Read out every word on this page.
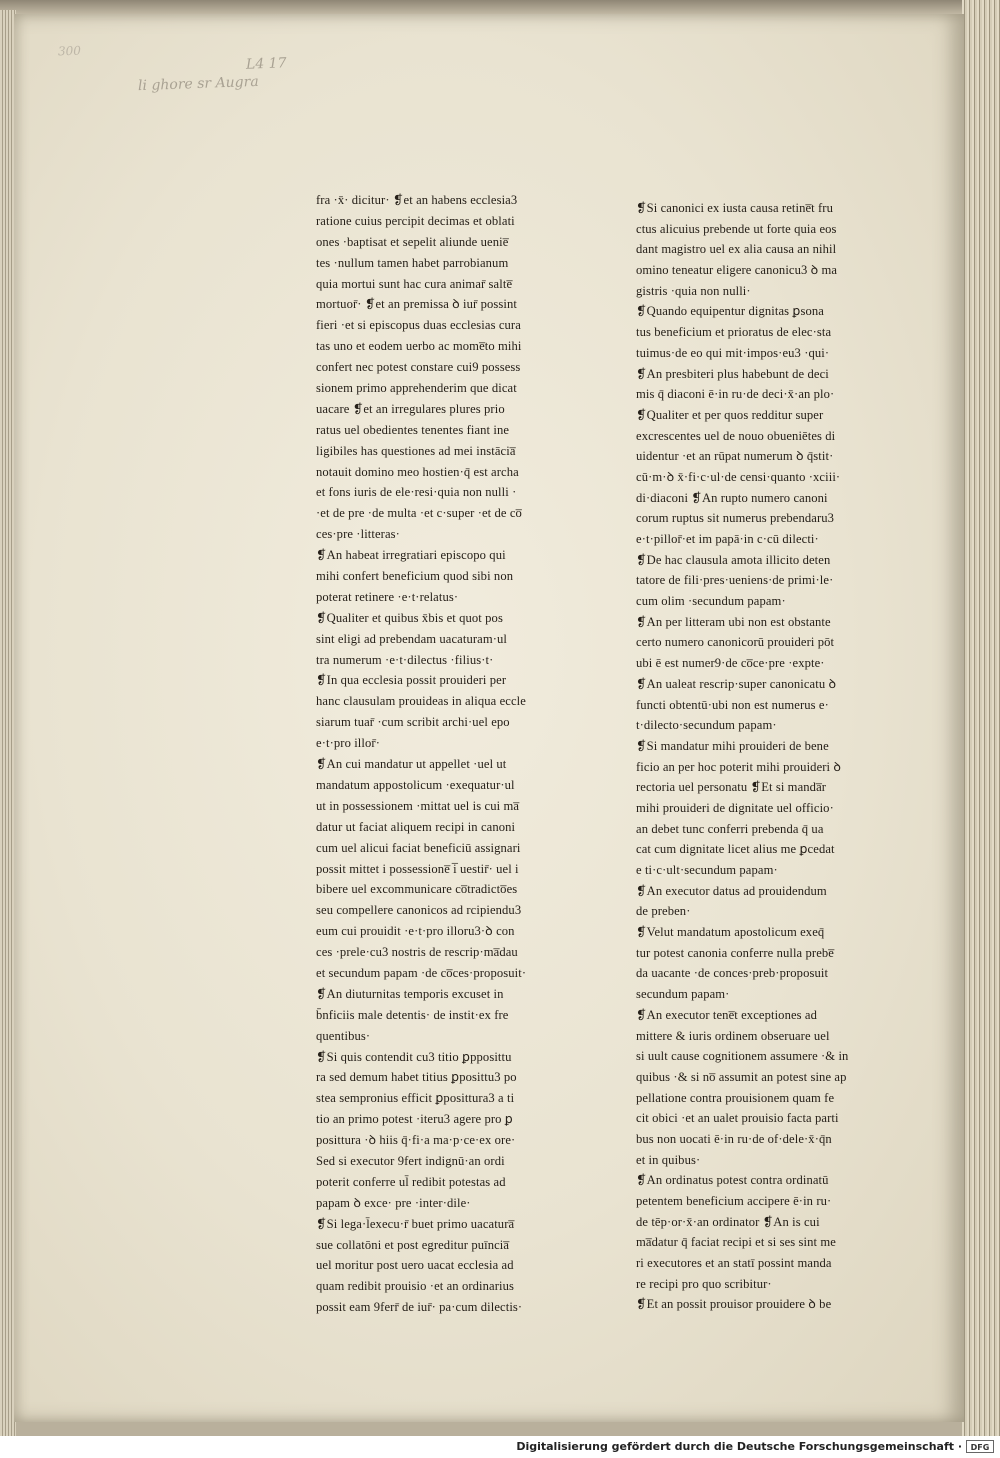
300
L4 17
li ghore sr Augra
fra ·x̄· dicitur· ❡et an habens ecclesia3
ratione cuius percipit decimas et oblati
ones ·baptisat et sepelit aliunde uenie̅
tes ·nullum tamen habet parrobianum
quia mortui sunt hac cura animar̄ salte̅
mortuor̄· ❡et an premissa ꝺ iur̄ possint
fieri ·et si episcopus duas ecclesias cura
tas uno et eodem uerbo ac mome̅to mihi
confert nec potest constare cui9 possess
sionem primo apprehenderim que dicat
uacare ❡et an irregulares plures prio
ratus uel obedientes tenentes fiant ine
ligibiles has questiones ad mei instācia̅
notauit domino meo hostien·q̄ est archa
et fons iuris de ele·resi·quia non nulli ·
·et de pre ·de multa ·et c·super ·et de co̅
ces·pre ·litteras·
❡An habeat irregratiari episcopo qui
mihi confert beneficium quod sibi non
poterat retinere ·e·t·relatus·
❡Qualiter et quibus x̄bis et quot pos
sint eligi ad prebendam uacaturam·ul
tra numerum ·e·t·dilectus ·filius·t·
❡In qua ecclesia possit prouideri per
hanc clausulam prouideas in aliqua eccle
siarum tuar̄ ·cum scribit archi·uel epo
e·t·pro illor̄·
❡An cui mandatur ut appellet ·uel ut
mandatum appostolicum ·exequatur·ul
ut in possessionem ·mittat uel is cui ma̅
datur ut faciat aliquem recipi in canoni
cum uel alicui faciat beneficiū assignari
possit mittet i possessione̅ i̅ uestir̄· uel i
bibere uel excommunicare co̅tradicto̅es
seu compellere canonicos ad rcipiendu3
eum cui prouidit ·e·t·pro illoru3·ꝺ con
ces ·prele·cu3 nostris de rescrip·ma̅dau
et secundum papam ·de co̅ces·proposuit·
❡An diuturnitas temporis excuset in
b̄nficiis male detentis· de instit·ex fre
quentibus·
❡Si quis contendit cu3 titio ꝑpposittu
ra sed demum habet titius ꝑposittu3 po
stea sempronius efficit ꝑposittura3 a ti
tio an primo potest ·iteru3 agere pro ꝑ
posittura ·ꝺ hiis q̄·fi·a ma·p·ce·ex ore·
Sed si executor 9fert indignū·an ordi
poterit conferre ul̄ redibit potestas ad
papam ꝺ exce· pre ·inter·dile·
❡Si lega·l̄execu·r̄ buet primo uacatura̅
sue collatōni et post egreditur puīncia̅
uel moritur post uero uacat ecclesia ad
quam redibit prouisio ·et an ordinarius
possit eam 9ferr̄ de iur̄· pa·cum dilectis·
❡Si canonici ex iusta causa retine̅t fru
ctus alicuius prebende ut forte quia eos
dant magistro uel ex alia causa an nihil
omino teneatur eligere canonicu3 ꝺ ma
gistris ·quia non nulli·
❡Quando equipentur dignitas ꝑsona
tus beneficium et prioratus de elec·sta
tuimus·de eo qui mit·impos·eu3 ·qui·
❡An presbiteri plus habebunt de deci
mis q̄ diaconi ē·in ru·de deci·x̄·an plo·
❡Qualiter et per quos redditur super
excrescentes uel de nouo obueniētes di
uidentur ·et an rūpat numerum ꝺ q̄stit·
cū·m·ꝺ x̄·fi·c·ul·de censi·quanto ·xciii·
di·diaconi ❡An rupto numero canoni
corum ruptus sit numerus prebendaru3
e·t·pillor̄·et im papā·in c·cū dilecti·
❡De hac clausula amota illicito deten
tatore de fili·pres·ueniens·de primi·le·
cum olim ·secundum papam·
❡An per litteram ubi non est obstante
certo numero canonicorū prouideri pōt
ubi ē est numer9·de co̅ce·pre ·expte·
❡An ualeat rescrip·super canonicatu ꝺ
functi obtentū·ubi non est numerus e·
t·dilecto·secundum papam·
❡Si mandatur mihi prouideri de bene
ficio an per hoc poterit mihi prouideri ꝺ
rectoria uel personatu ❡Et si manda̅r
mihi prouideri de dignitate uel officio·
an debet tunc conferri prebenda q̄ ua
cat cum dignitate licet alius me ꝑcedat
e ti·c·ult·secundum papam·
❡An executor datus ad prouidendum
de preben·
❡Velut mandatum apostolicum exeq̄
tur potest canonia conferre nulla prebe̅
da uacante ·de conces·preb·proposuit
secundum papam·
❡An executor tene̅t exceptiones ad
mittere & iuris ordinem obseruare uel
si uult cause cognitionem assumere ·& in
quibus ·& si no̅ assumit an potest sine ap
pellatione contra prouisionem quam fe
cit obici ·et an ualet prouisio facta parti
bus non uocati ē·in ru·de of·dele·x̄·q̄n
et in quibus·
❡An ordinatus potest contra ordinatū
petentem beneficium accipere ē·in ru·
de tēp·or·x̄·an ordinator ❡An is cui
ma̅datur q̄ faciat recipi et si ses sint me
ri executores et an statī possint manda
re recipi pro quo scribitur·
❡Et an possit prouisor prouidere ꝺ be
Digitalisierung gefördert durch die Deutsche Forschungsgemeinschaft ·	DFG
